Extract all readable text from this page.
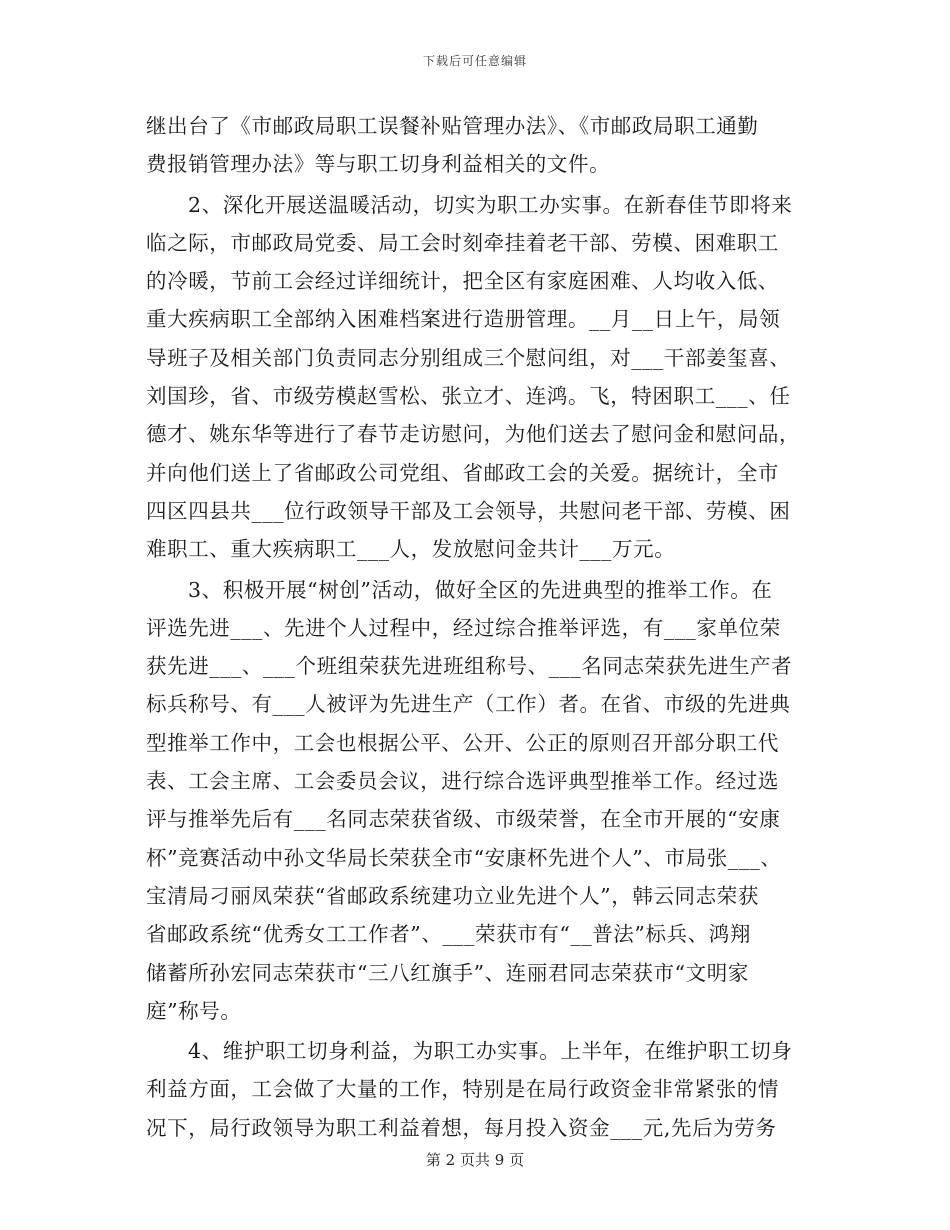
下载后可任意编辑
继出台了《市邮政局职工误餐补贴管理办法》、《市邮政局职工通勤
费报销管理办法》等与职工切身利益相关的文件。
2、深化开展送温暖活动，切实为职工办实事。在新春佳节即将来
临之际，市邮政局党委、局工会时刻牵挂着老干部、劳模、困难职工
的冷暖，节前工会经过详细统计，把全区有家庭困难、人均收入低、
重大疾病职工全部纳入困难档案进行造册管理。__月__日上午，局领
导班子及相关部门负责同志分别组成三个慰问组，对___干部姜玺喜、
刘国珍，省、市级劳模赵雪松、张立才、连鸿。飞，特困职工___、任
德才、姚东华等进行了春节走访慰问，为他们送去了慰问金和慰问品，
并向他们送上了省邮政公司党组、省邮政工会的关爱。据统计，全市
四区四县共___位行政领导干部及工会领导，共慰问老干部、劳模、困
难职工、重大疾病职工___人，发放慰问金共计___万元。
3、积极开展“树创”活动，做好全区的先进典型的推举工作。在
评选先进___、先进个人过程中，经过综合推举评选，有___家单位荣
获先进___、___个班组荣获先进班组称号、___名同志荣获先进生产者
标兵称号、有___人被评为先进生产（工作）者。在省、市级的先进典
型推举工作中，工会也根据公平、公开、公正的原则召开部分职工代
表、工会主席、工会委员会议，进行综合选评典型推举工作。经过选
评与推举先后有___名同志荣获省级、市级荣誉，在全市开展的“安康
杯”竞赛活动中孙文华局长荣获全市“安康杯先进个人”、市局张___、
宝清局刁丽凤荣获“省邮政系统建功立业先进个人”，韩云同志荣获
省邮政系统“优秀女工工作者”、___荣获市有“__普法”标兵、鸿翔
储蓄所孙宏同志荣获市“三八红旗手”、连丽君同志荣获市“文明家
庭”称号。
4、维护职工切身利益，为职工办实事。上半年，在维护职工切身
利益方面，工会做了大量的工作，特别是在局行政资金非常紧张的情
况下，局行政领导为职工利益着想，每月投入资金___元,先后为劳务
第 2 页共 9 页
